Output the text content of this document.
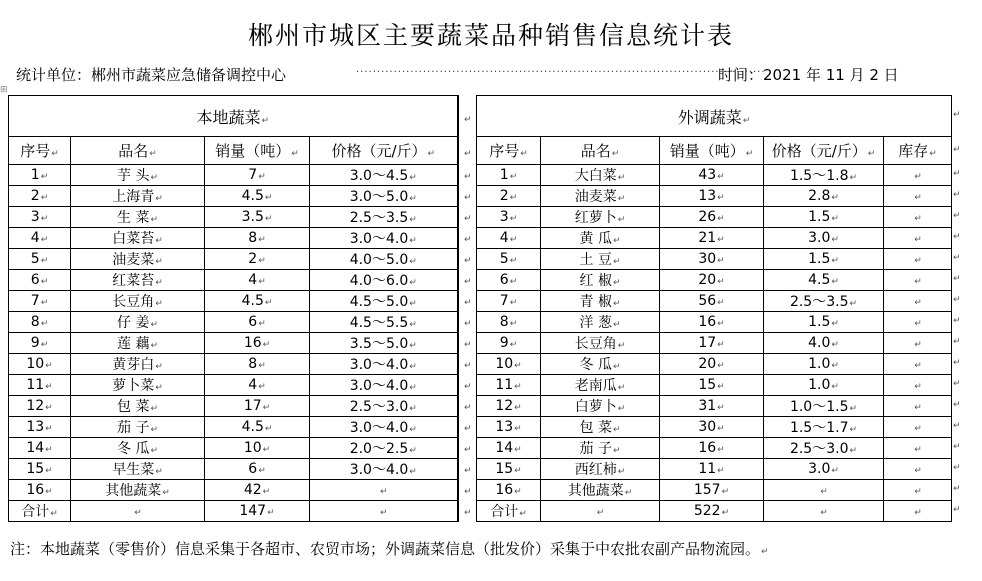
郴州市城区主要蔬菜品种销售信息统计表
统计单位：郴州市蔬菜应急储备调控中心	··································································································
时间：2021 年 11 月 2 日
⊞
本地蔬菜↵				↵	外调蔬菜↵				
序号↵	品名↵	销量（吨）↵	价格（元/斤）↵	↵	序号↵	品名↵	销量（吨）↵	价格（元/斤）↵	库存↵
1↵	芋 头↵	7↵	3.0～4.5↵	↵	1↵	大白菜↵	43↵	1.5～1.8↵	↵
2↵	上海青↵	4.5↵	3.0～5.0↵	↵	2↵	油麦菜↵	13↵	2.8↵	↵
3↵	生 菜↵	3.5↵	2.5～3.5↵	↵	3↵	红萝卜↵	26↵	1.5↵	↵
4↵	白菜苔↵	8↵	3.0～4.0↵	↵	4↵	黄 瓜↵	21↵	3.0↵	↵
5↵	油麦菜↵	2↵	4.0～5.0↵	↵	5↵	土 豆↵	30↵	1.5↵	↵
6↵	红菜苔↵	4↵	4.0～6.0↵	↵	6↵	红 椒↵	20↵	4.5↵	↵
7↵	长豆角↵	4.5↵	4.5～5.0↵	↵	7↵	青 椒↵	56↵	2.5～3.5↵	↵
8↵	仔 姜↵	6↵	4.5～5.5↵	↵	8↵	洋 葱↵	16↵	1.5↵	↵
9↵	莲 藕↵	16↵	3.5～5.0↵	↵	9↵	长豆角↵	17↵	4.0↵	↵
10↵	黄芽白↵	8↵	3.0～4.0↵	↵	10↵	冬 瓜↵	20↵	1.0↵	↵
11↵	萝卜菜↵	4↵	3.0～4.0↵	↵	11↵	老南瓜↵	15↵	1.0↵	↵
12↵	包 菜↵	17↵	2.5～3.0↵	↵	12↵	白萝卜↵	31↵	1.0～1.5↵	↵
13↵	茄 子↵	4.5↵	3.0～4.0↵	↵	13↵	包 菜↵	30↵	1.5～1.7↵	↵
14↵	冬 瓜↵	10↵	2.0～2.5↵	↵	14↵	茄 子↵	16↵	2.5～3.0↵	↵
15↵	早生菜↵	6↵	3.0～4.0↵	↵	15↵	西红柿↵	11↵	3.0↵	↵
16↵	其他蔬菜↵	42↵	↵	↵	16↵	其他蔬菜↵	157↵	↵	↵
合计↵	↵	147↵	↵	↵	合计↵	↵	522↵	↵	↵
注：本地蔬菜（零售价）信息采集于各超市、农贸市场；外调蔬菜信息（批发价）采集于中农批农副产品物流园。↵
↵
↵
↵
↵
↵
↵
↵
↵
↵
↵
↵
↵
↵
↵
↵
↵
↵
↵
↵
